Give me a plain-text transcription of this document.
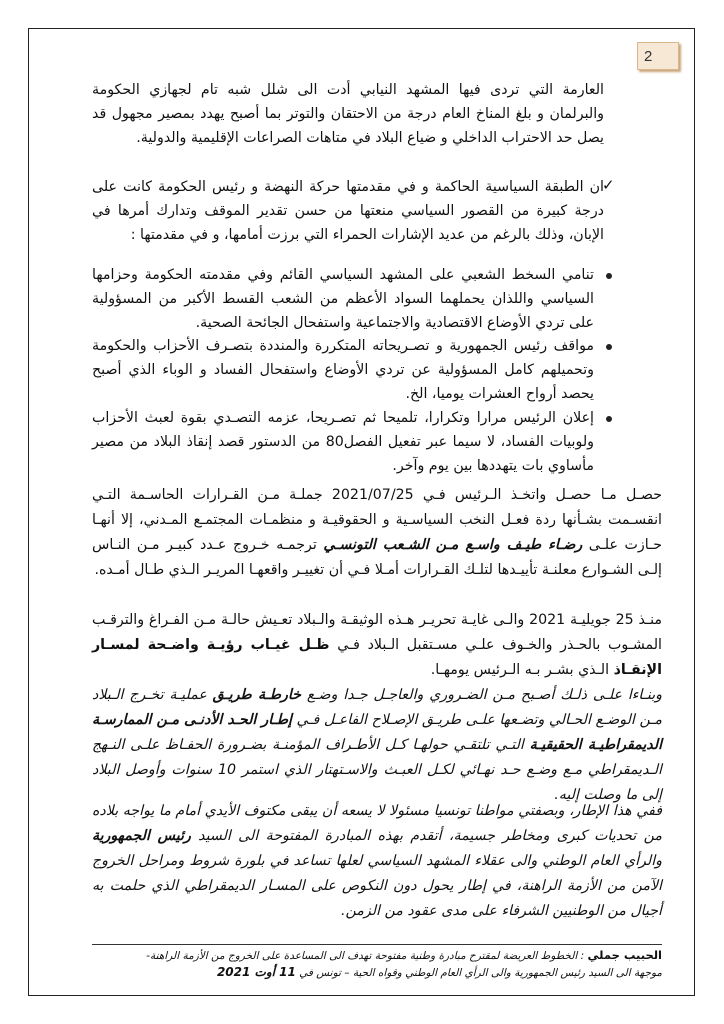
2
العارمة التي تردى فيها المشهد النيابي أدت الى شلل شبه تام لجهازي الحكومة والبرلمان و بلغ المناخ العام درجة من الاحتقان والتوتر بما أصبح يهدد بمصير مجهول قد يصل حد الاحتراب الداخلي و ضياع البلاد في متاهات الصراعات الإقليمية والدولية.
✓
ان الطبقة السياسية الحاكمة و في مقدمتها حركة النهضة و رئيس الحكومة كانت على درجة كبيرة من القصور السياسي منعتها من حسن تقدير الموقف وتدارك أمرها في الإبان، وذلك بالرغم من عديد الإشارات الحمراء التي برزت أمامها، و في مقدمتها :
تنامي السخط الشعبي على المشهد السياسي القائم وفي مقدمته الحكومة وحزامها السياسي واللذان يحملهما السواد الأعظم من الشعب القسط الأكبر من المسؤولية على تردي الأوضاع الاقتصادية والاجتماعية واستفحال الجائحة الصحية.
مواقف رئيس الجمهورية و تصـريحاته المتكررة والمنددة بتصـرف الأحزاب والحكومة وتحميلهم كامل المسؤولية عن تردي الأوضاع واستفحال الفساد و الوباء الذي أصبح يحصد أرواح العشرات يوميا، الخ.
إعلان الرئيس مرارا وتكرارا، تلميحا ثم تصـريحا، عزمه التصـدي بقوة لعبث الأحزاب ولوبيات الفساد، لا سيما عبر تفعيل الفصل80 من الدستور قصد إنقاذ البلاد من مصير مأساوي بات يتهددها بين يوم وآخر.
حصـل مـا حصـل واتخـذ الـرئيس فـي 2021/07/25 جملـة مـن القـرارات الحاسـمة التـي انقسـمت بشـأنها ردة فعـل النخب السياسـية و الحقوقيـة و منظمـات المجتمـع المـدني، إلا أنهـا حـازت علـى رضـاء طيـف واسـع مـن الشـعب التونسـي ترجمـه خـروج عـدد كبيـر مـن النـاس إلـى الشـوارع معلنـة تأييـدها لتلـك القـرارات أمـلا فـي أن تغييـر واقعهـا المريـر الـذي طـال أمـده.
منـذ 25 جويليـة 2021 والـى غايـة تحريـر هـذه الوثيقـة والـبلاد تعـيش حالـة مـن الفـراغ والترقـب المشـوب بالحـذر والخـوف علـي مسـتقبل الـبلاد فـي ظـل غيـاب رؤيـة واضـحة لمسـار الإنقـاذ الـذي بشـر بـه الـرئيس يومهـا.
وبنـاءا علـى ذلـك أصـبح مـن الضـروري والعاجـل جـدا وضـع خارطـة طريـق عمليـة تخـرج الـبلاد مـن الوضـع الحـالي وتضـعها علـى طريـق الإصـلاح الفاعـل فـي إطـار الحـد الأدنـى مـن الممارسـة الديمقراطيـة الحقيقيـة التـي تلتقـي حولهـا كـل الأطـراف المؤمنـة بضـرورة الحفـاظ علـى النـهج الـديمقراطي مـع وضـع حـد نهـائي لكـل العبـث والاسـتهتار الذي استمر 10 سنوات وأوصل البلاد إلى ما وصلت إليه.
ففي هذا الإطار، وبصفتي مواطنا تونسيا مسئولا لا يسعه أن يبقى مكتوف الأيدي أمام ما يواجه بلاده من تحديات كبرى ومخاطر جسيمة، أتقدم بهذه المبادرة المفتوحة الى السيد رئيس الجمهورية والرأي العام الوطني والى عقلاء المشهد السياسي لعلها تساعد في بلورة شروط ومراحل الخروج الآمن من الأزمة الراهنة، في إطار يحول دون النكوص على المسـار الديمقراطي الذي حلمت به أجيال من الوطنيين الشرفاء على مدى عقود من الزمن.
الحبيب جملي : الخطوط العريضة لمقترح مبادرة وطنية مفتوحة تهدف الى المساعدة على الخروج من الأزمة الراهنة-
موجهة الى السيد رئيس الجمهورية والى الرأي العام الوطني وقواه الحية – تونس في 11 أوت 2021
